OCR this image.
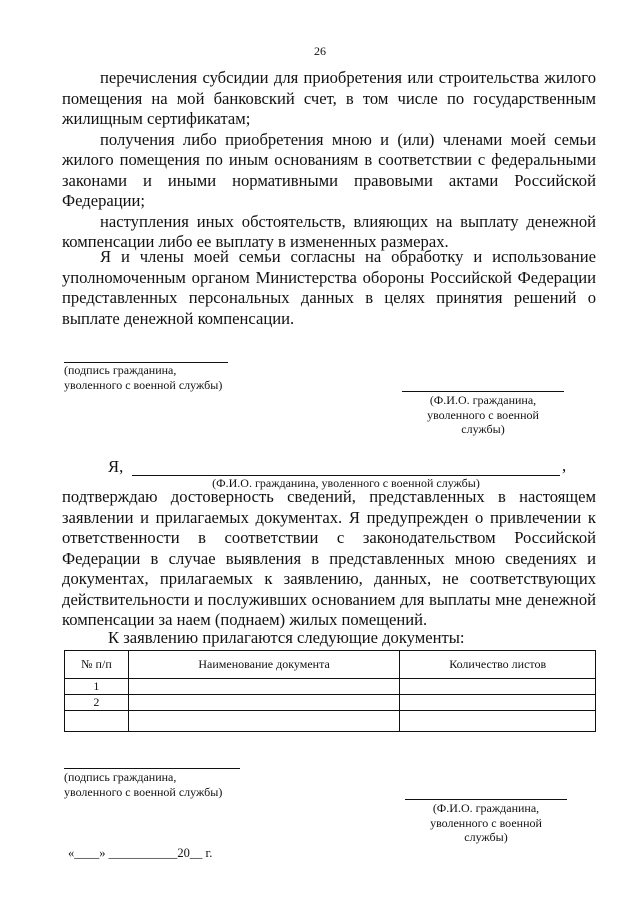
26

перечисления субсидии для приобретения или строительства жилого помещения на мой банковский счет, в том числе по государственным жилищным сертификатам;

получения либо приобретения мною и (или) членами моей семьи жилого помещения по иным основаниям в соответствии с федеральными законами и иными нормативными правовыми актами Российской Федерации;

наступления иных обстоятельств, влияющих на выплату денежной компенсации либо ее выплату в измененных размерах.

Я и члены моей семьи согласны на обработку и использование уполномоченным органом Министерства обороны Российской Федерации представленных персональных данных в целях принятия решений о выплате денежной компенсации.

(подпись гражданина,
уволенного с военной службы)
(Ф.И.О. гражданина,
уволенного с военной
службы)
Я,	,
(Ф.И.О. гражданина, уволенного с военной службы)

подтверждаю достоверность сведений, представленных в настоящем заявлении и прилагаемых документах. Я предупрежден о привлечении к ответственности в соответствии с законодательством Российской Федерации в случае выявления в представленных мною сведениях и документах, прилагаемых к заявлению, данных, не соответствующих действительности и послуживших основанием для выплаты мне денежной компенсации за наем (поднаем) жилых помещений.

К заявлению прилагаются следующие документы:
№ п/п	Наименование документа	Количество листов
1		
2		

(подпись гражданина,
уволенного с военной службы)
(Ф.И.О. гражданина,
уволенного с военной
службы)
«____» ___________20__ г.
